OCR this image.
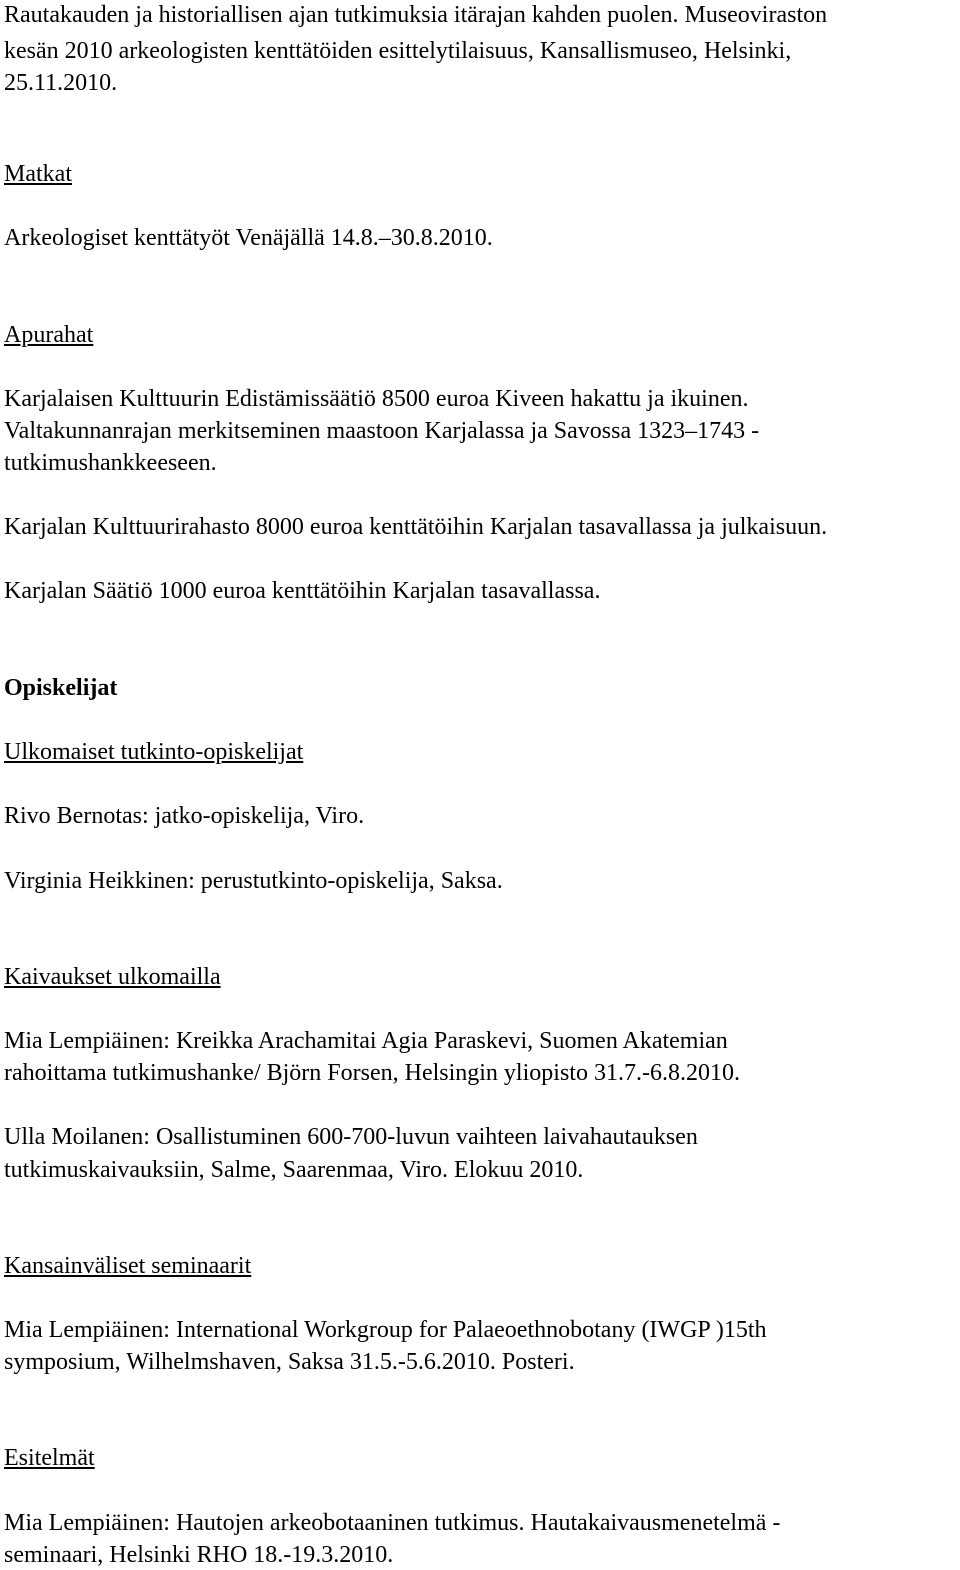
Rautakauden ja historiallisen ajan tutkimuksia itärajan kahden puolen. Museoviraston
kesän 2010 arkeologisten kenttätöiden esittelytilaisuus, Kansallismuseo, Helsinki,
25.11.2010.
Matkat
Arkeologiset kenttätyöt Venäjällä 14.8.–30.8.2010.
Apurahat
Karjalaisen Kulttuurin Edistämissäätiö 8500 euroa Kiveen hakattu ja ikuinen.
Valtakunnanrajan merkitseminen maastoon Karjalassa ja Savossa 1323–1743 -
tutkimushankkeeseen.
Karjalan Kulttuurirahasto 8000 euroa kenttätöihin Karjalan tasavallassa ja julkaisuun.
Karjalan Säätiö 1000 euroa kenttätöihin Karjalan tasavallassa.
Opiskelijat
Ulkomaiset tutkinto-opiskelijat
Rivo Bernotas: jatko-opiskelija, Viro.
Virginia Heikkinen: perustutkinto-opiskelija, Saksa.
Kaivaukset ulkomailla
Mia Lempiäinen: Kreikka Arachamitai Agia Paraskevi, Suomen Akatemian
rahoittama tutkimushanke/ Björn Forsen, Helsingin yliopisto 31.7.-6.8.2010.
Ulla Moilanen: Osallistuminen 600-700-luvun vaihteen laivahautauksen
tutkimuskaivauksiin, Salme, Saarenmaa, Viro. Elokuu 2010.
Kansainväliset seminaarit
Mia Lempiäinen: International Workgroup for Palaeoethnobotany (IWGP )15th
symposium, Wilhelmshaven, Saksa 31.5.-5.6.2010. Posteri.
Esitelmät
Mia Lempiäinen: Hautojen arkeobotaaninen tutkimus. Hautakaivausmenetelmä -
seminaari, Helsinki RHO 18.-19.3.2010.
